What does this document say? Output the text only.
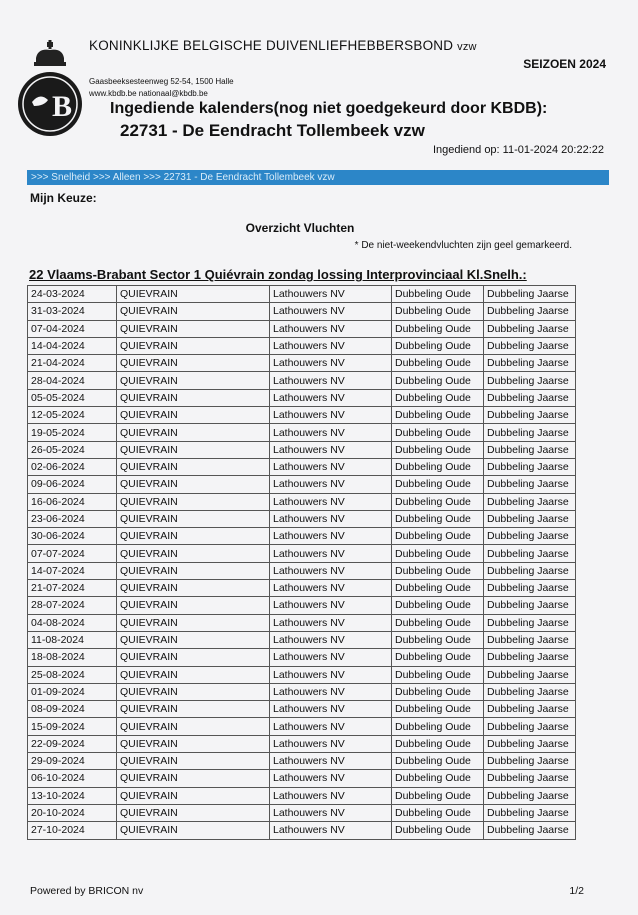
B
KONINKLIJKE BELGISCHE DUIVENLIEFHEBBERSBOND vzw
SEIZOEN 2024
Gaasbeeksesteenweg 52-54, 1500 Halle
www.kbdb.be nationaal@kbdb.be
Ingediende kalenders(nog niet goedgekeurd door KBDB):
22731 - De Eendracht Tollembeek vzw
Ingediend op: 11-01-2024 20:22:22
>>> Snelheid >>> Alleen >>> 22731 - De Eendracht Tollembeek vzw
Mijn Keuze:
Overzicht Vluchten
* De niet-weekendvluchten zijn geel gemarkeerd.
22 Vlaams-Brabant Sector 1 Quiévrain zondag lossing Interprovinciaal Kl.Snelh.:
24-03-2024	QUIEVRAIN	Lathouwers NV	Dubbeling Oude	Dubbeling Jaarse
31-03-2024	QUIEVRAIN	Lathouwers NV	Dubbeling Oude	Dubbeling Jaarse
07-04-2024	QUIEVRAIN	Lathouwers NV	Dubbeling Oude	Dubbeling Jaarse
14-04-2024	QUIEVRAIN	Lathouwers NV	Dubbeling Oude	Dubbeling Jaarse
21-04-2024	QUIEVRAIN	Lathouwers NV	Dubbeling Oude	Dubbeling Jaarse
28-04-2024	QUIEVRAIN	Lathouwers NV	Dubbeling Oude	Dubbeling Jaarse
05-05-2024	QUIEVRAIN	Lathouwers NV	Dubbeling Oude	Dubbeling Jaarse
12-05-2024	QUIEVRAIN	Lathouwers NV	Dubbeling Oude	Dubbeling Jaarse
19-05-2024	QUIEVRAIN	Lathouwers NV	Dubbeling Oude	Dubbeling Jaarse
26-05-2024	QUIEVRAIN	Lathouwers NV	Dubbeling Oude	Dubbeling Jaarse
02-06-2024	QUIEVRAIN	Lathouwers NV	Dubbeling Oude	Dubbeling Jaarse
09-06-2024	QUIEVRAIN	Lathouwers NV	Dubbeling Oude	Dubbeling Jaarse
16-06-2024	QUIEVRAIN	Lathouwers NV	Dubbeling Oude	Dubbeling Jaarse
23-06-2024	QUIEVRAIN	Lathouwers NV	Dubbeling Oude	Dubbeling Jaarse
30-06-2024	QUIEVRAIN	Lathouwers NV	Dubbeling Oude	Dubbeling Jaarse
07-07-2024	QUIEVRAIN	Lathouwers NV	Dubbeling Oude	Dubbeling Jaarse
14-07-2024	QUIEVRAIN	Lathouwers NV	Dubbeling Oude	Dubbeling Jaarse
21-07-2024	QUIEVRAIN	Lathouwers NV	Dubbeling Oude	Dubbeling Jaarse
28-07-2024	QUIEVRAIN	Lathouwers NV	Dubbeling Oude	Dubbeling Jaarse
04-08-2024	QUIEVRAIN	Lathouwers NV	Dubbeling Oude	Dubbeling Jaarse
11-08-2024	QUIEVRAIN	Lathouwers NV	Dubbeling Oude	Dubbeling Jaarse
18-08-2024	QUIEVRAIN	Lathouwers NV	Dubbeling Oude	Dubbeling Jaarse
25-08-2024	QUIEVRAIN	Lathouwers NV	Dubbeling Oude	Dubbeling Jaarse
01-09-2024	QUIEVRAIN	Lathouwers NV	Dubbeling Oude	Dubbeling Jaarse
08-09-2024	QUIEVRAIN	Lathouwers NV	Dubbeling Oude	Dubbeling Jaarse
15-09-2024	QUIEVRAIN	Lathouwers NV	Dubbeling Oude	Dubbeling Jaarse
22-09-2024	QUIEVRAIN	Lathouwers NV	Dubbeling Oude	Dubbeling Jaarse
29-09-2024	QUIEVRAIN	Lathouwers NV	Dubbeling Oude	Dubbeling Jaarse
06-10-2024	QUIEVRAIN	Lathouwers NV	Dubbeling Oude	Dubbeling Jaarse
13-10-2024	QUIEVRAIN	Lathouwers NV	Dubbeling Oude	Dubbeling Jaarse
20-10-2024	QUIEVRAIN	Lathouwers NV	Dubbeling Oude	Dubbeling Jaarse
27-10-2024	QUIEVRAIN	Lathouwers NV	Dubbeling Oude	Dubbeling Jaarse
Powered by BRICON nv	1/2
